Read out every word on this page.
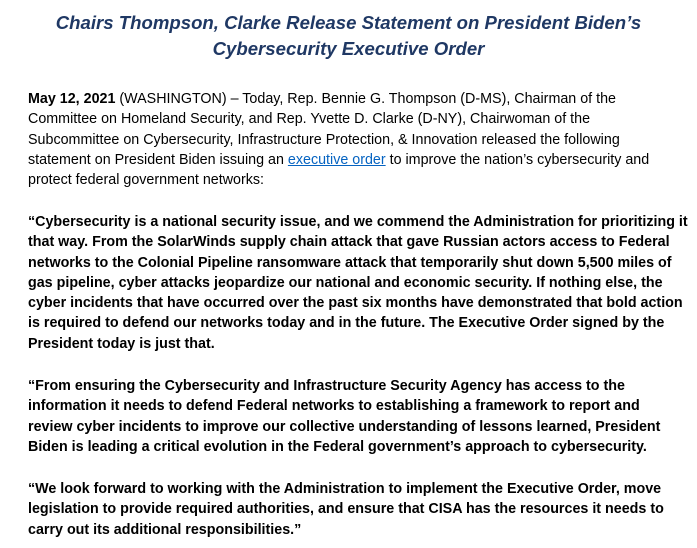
Chairs Thompson, Clarke Release Statement on President Biden’s
Cybersecurity Executive Order

May 12, 2021 (WASHINGTON) – Today, Rep. Bennie G. Thompson (D-MS), Chairman of the
Committee on Homeland Security, and Rep. Yvette D. Clarke (D-NY), Chairwoman of the
Subcommittee on Cybersecurity, Infrastructure Protection, & Innovation released the following
statement on President Biden issuing an executive order to improve the nation’s cybersecurity and
protect federal government networks:

“Cybersecurity is a national security issue, and we commend the Administration for prioritizing it
that way. From the SolarWinds supply chain attack that gave Russian actors access to Federal
networks to the Colonial Pipeline ransomware attack that temporarily shut down 5,500 miles of
gas pipeline, cyber attacks jeopardize our national and economic security. If nothing else, the
cyber incidents that have occurred over the past six months have demonstrated that bold action
is required to defend our networks today and in the future. The Executive Order signed by the
President today is just that.

“From ensuring the Cybersecurity and Infrastructure Security Agency has access to the
information it needs to defend Federal networks to establishing a framework to report and
review cyber incidents to improve our collective understanding of lessons learned, President
Biden is leading a critical evolution in the Federal government’s approach to cybersecurity.

“We look forward to working with the Administration to implement the Executive Order, move
legislation to provide required authorities, and ensure that CISA has the resources it needs to
carry out its additional responsibilities.”
